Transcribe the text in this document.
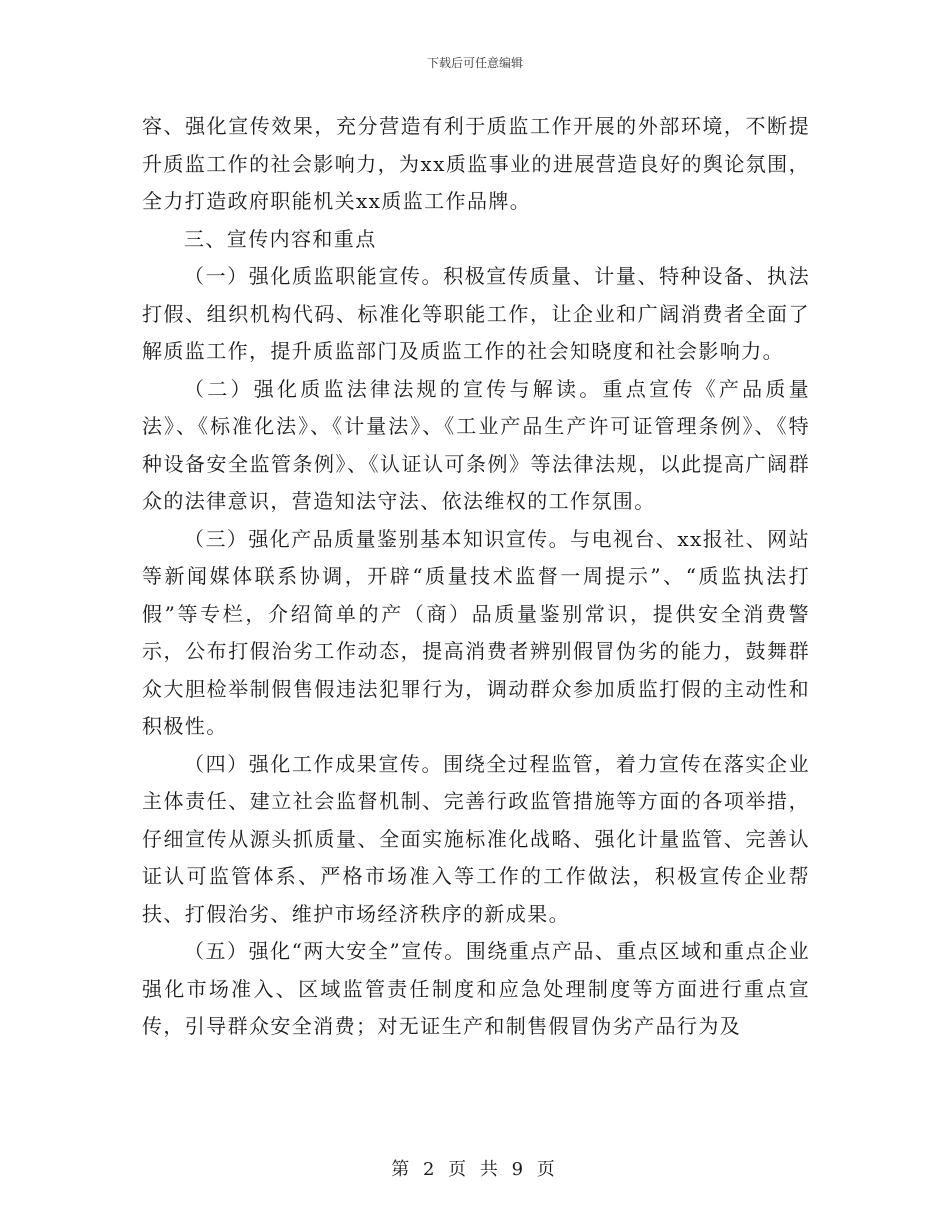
下载后可任意编辑

容、强化宣传效果，充分营造有利于质监工作开展的外部环境，不断提升质监工作的社会影响力，为xx质监事业的进展营造良好的舆论氛围，全力打造政府职能机关xx质监工作品牌。

三、宣传内容和重点

（一）强化质监职能宣传。积极宣传质量、计量、特种设备、执法打假、组织机构代码、标准化等职能工作，让企业和广阔消费者全面了解质监工作，提升质监部门及质监工作的社会知晓度和社会影响力。

（二）强化质监法律法规的宣传与解读。重点宣传《产品质量法》、《标准化法》、《计量法》、《工业产品生产许可证管理条例》、《特种设备安全监管条例》、《认证认可条例》等法律法规，以此提高广阔群众的法律意识，营造知法守法、依法维权的工作氛围。

（三）强化产品质量鉴别基本知识宣传。与电视台、xx报社、网站等新闻媒体联系协调，开辟“质量技术监督一周提示”、“质监执法打假”等专栏，介绍简单的产（商）品质量鉴别常识，提供安全消费警示，公布打假治劣工作动态，提高消费者辨别假冒伪劣的能力，鼓舞群众大胆检举制假售假违法犯罪行为，调动群众参加质监打假的主动性和积极性。

（四）强化工作成果宣传。围绕全过程监管，着力宣传在落实企业主体责任、建立社会监督机制、完善行政监管措施等方面的各项举措，仔细宣传从源头抓质量、全面实施标准化战略、强化计量监管、完善认证认可监管体系、严格市场准入等工作的工作做法，积极宣传企业帮扶、打假治劣、维护市场经济秩序的新成果。

（五）强化“两大安全”宣传。围绕重点产品、重点区域和重点企业强化市场准入、区域监管责任制度和应急处理制度等方面进行重点宣传，引导群众安全消费；对无证生产和制售假冒伪劣产品行为及

第 2 页 共 9 页
